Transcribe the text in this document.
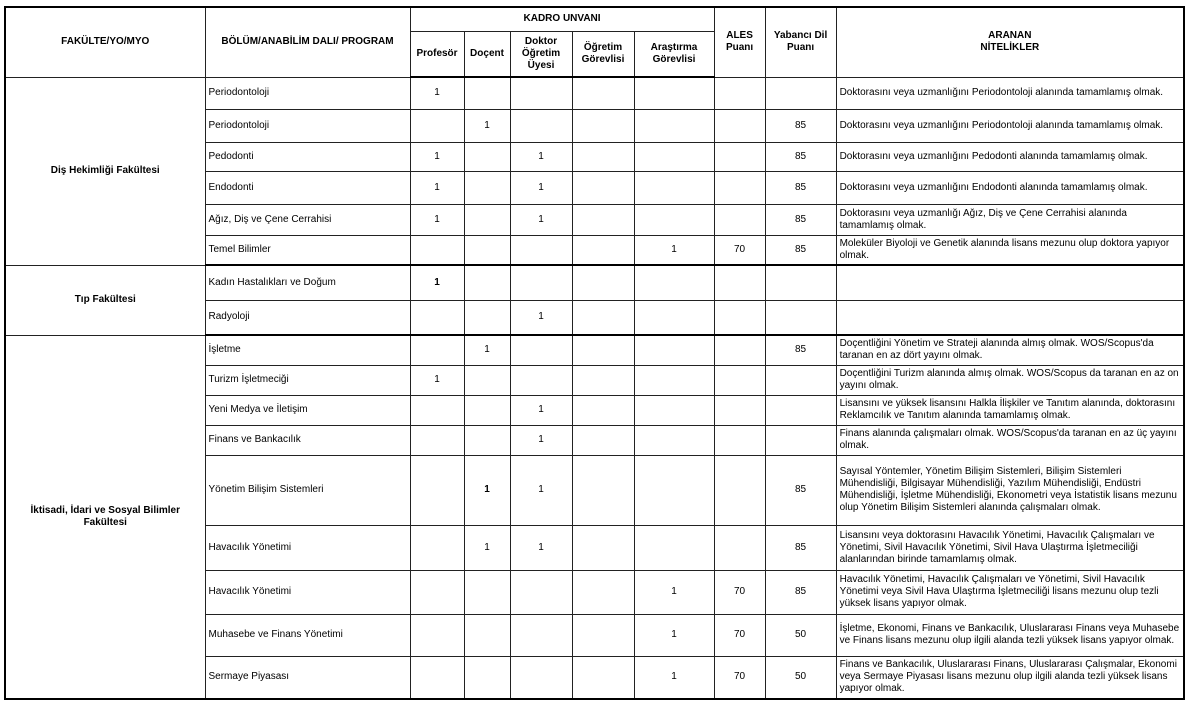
FAKÜLTE/YO/MYO	BÖLÜM/ANABİLİM DALI/ PROGRAM	KADRO UNVANI					ALES Puanı	Yabancı Dil Puanı	ARANAN
NİTELİKLER
		Profesör	Doçent	Doktor Öğretim Üyesi	Öğretim Görevlisi	Araştırma Görevlisi			
Diş Hekimliği Fakültesi	Periodontoloji	1							Doktorasını veya uzmanlığını Periodontoloji alanında tamamlamış olmak.
	Periodontoloji		1					85	Doktorasını veya uzmanlığını Periodontoloji alanında tamamlamış olmak.
	Pedodonti	1		1				85	Doktorasını veya uzmanlığını Pedodonti alanında tamamlamış olmak.
	Endodonti	1		1				85	Doktorasını veya uzmanlığını Endodonti alanında tamamlamış olmak.
	Ağız, Diş ve Çene Cerrahisi	1		1				85	Doktorasını veya uzmanlığı Ağız, Diş ve Çene Cerrahisi alanında tamamlamış olmak.
	Temel Bilimler					1	70	85	Moleküler Biyoloji ve Genetik alanında lisans mezunu olup doktora yapıyor olmak.
Tıp Fakültesi	Kadın Hastalıkları ve Doğum	1							
	Radyoloji			1					
İktisadi, İdari ve Sosyal Bilimler Fakültesi	İşletme		1					85	Doçentliğini Yönetim ve Strateji alanında almış olmak. WOS/Scopus'da taranan en az dört yayını olmak.
	Turizm İşletmeciği	1							Doçentliğini Turizm alanında almış olmak. WOS/Scopus da taranan en az on yayını olmak.
	Yeni Medya ve İletişim			1					Lisansını ve yüksek lisansını Halkla İlişkiler ve Tanıtım alanında, doktorasını Reklamcılık ve Tanıtım alanında tamamlamış olmak.
	Finans ve Bankacılık			1					Finans alanında çalışmaları olmak. WOS/Scopus'da taranan en az üç yayını olmak.
	Yönetim Bilişim Sistemleri		1	1				85	Sayısal Yöntemler, Yönetim Bilişim Sistemleri, Bilişim Sistemleri Mühendisliği, Bilgisayar Mühendisliği, Yazılım Mühendisliği, Endüstri Mühendisliği, İşletme Mühendisliği, Ekonometri veya İstatistik lisans mezunu olup Yönetim Bilişim Sistemleri alanında çalışmaları olmak.
	Havacılık Yönetimi		1	1				85	Lisansını veya doktorasını Havacılık Yönetimi, Havacılık Çalışmaları ve Yönetimi, Sivil Havacılık Yönetimi, Sivil Hava Ulaştırma İşletmeciliği alanlarından birinde tamamlamış olmak.
	Havacılık Yönetimi					1	70	85	Havacılık Yönetimi, Havacılık Çalışmaları ve Yönetimi, Sivil Havacılık Yönetimi veya Sivil Hava Ulaştırma İşletmeciliği lisans mezunu olup tezli yüksek lisans yapıyor olmak.
	Muhasebe ve Finans Yönetimi					1	70	50	İşletme, Ekonomi, Finans ve Bankacılık, Uluslararası Finans veya Muhasebe ve Finans lisans mezunu olup ilgili alanda tezli yüksek lisans yapıyor olmak.
	Sermaye Piyasası					1	70	50	Finans ve Bankacılık, Uluslararası Finans, Uluslararası Çalışmalar, Ekonomi veya Sermaye Piyasası lisans mezunu olup ilgili alanda tezli yüksek lisans yapıyor olmak.
